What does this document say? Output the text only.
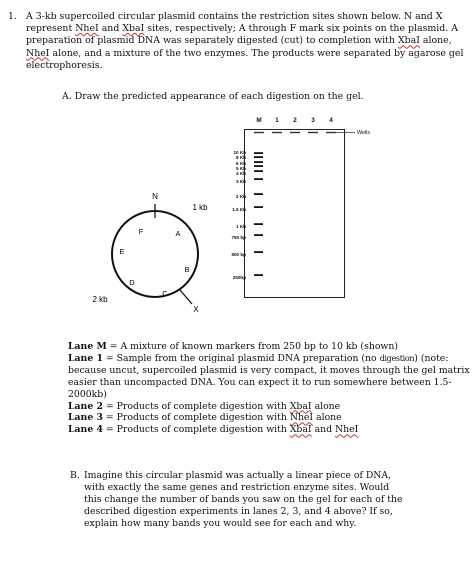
1. A 3-kb supercoiled circular plasmid contains the restriction sites shown below. N and X represent NheI and XbaI sites, respectively; A through F mark six points on the plasmid. A preparation of plasmid DNA was separately digested (cut) to completion with XbaI alone, NheI alone, and a mixture of the two enzymes. The products were separated by agarose gel electrophoresis.
A. Draw the predicted appearance of each digestion on the gel.
N
X
A
B
C
D
E
F
1 kb
2 kb
M	1	2	3	4
Wells
10 Kb
8 Kb
6 Kb
5 Kb
4 Kb
3 Kb
2 Kb
1.5 Kb
1 Kb
750 bp
500 bp
250bp
Lane M = A mixture of known markers from 250 bp to 10 kb (shown)
Lane 1 = Sample from the original plasmid DNA preparation (no digestion) (note: because uncut, supercoiled plasmid is very compact, it moves through the gel matrix easier than uncompacted DNA. You can expect it to run somewhere between 1.5-2000kb)
Lane 2 = Products of complete digestion with XbaI alone
Lane 3 = Products of complete digestion with NheI alone
Lane 4 = Products of complete digestion with XbaI and NheI
B. Imagine this circular plasmid was actually a linear piece of DNA, with exactly the same genes and restriction enzyme sites. Would this change the number of bands you saw on the gel for each of the described digestion experiments in lanes 2, 3, and 4 above? If so, explain how many bands you would see for each and why.
